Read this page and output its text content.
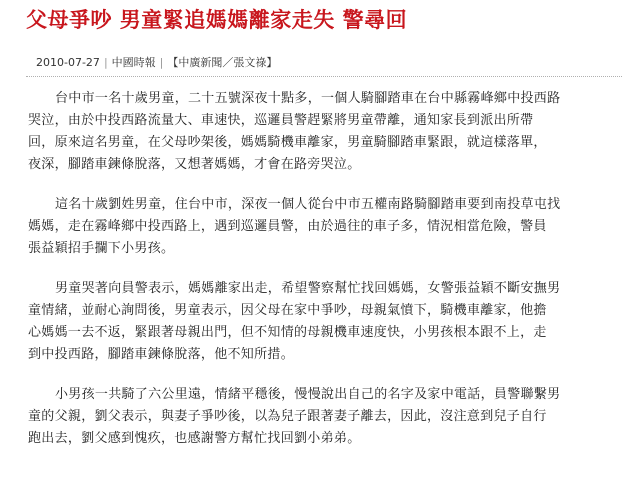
父母爭吵 男童緊追媽媽離家走失 警尋回
2010-07-27 | 中國時報 | 【中廣新聞／張文祿】

台中市一名十歲男童，二十五號深夜十點多，一個人騎腳踏車在台中縣霧峰鄉中投西路
哭泣，由於中投西路流量大、車速快，巡邏員警趕緊將男童帶離，通知家長到派出所帶
回，原來這名男童，在父母吵架後，媽媽騎機車離家，男童騎腳踏車緊跟，就這樣落單，
夜深，腳踏車鍊條脫落，又想著媽媽，才會在路旁哭泣。

這名十歲劉姓男童，住台中市，深夜一個人從台中市五權南路騎腳踏車要到南投草屯找
媽媽，走在霧峰鄉中投西路上，遇到巡邏員警，由於過往的車子多，情況相當危險，警員
張益穎招手攔下小男孩。

男童哭著向員警表示，媽媽離家出走，希望警察幫忙找回媽媽，女警張益穎不斷安撫男
童情緒，並耐心詢問後，男童表示，因父母在家中爭吵，母親氣憤下，騎機車離家，他擔
心媽媽一去不返，緊跟著母親出門，但不知情的母親機車速度快，小男孩根本跟不上，走
到中投西路，腳踏車鍊條脫落，他不知所措。

小男孩一共騎了六公里遠，情緒平穩後，慢慢說出自己的名字及家中電話，員警聯繫男
童的父親，劉父表示，與妻子爭吵後，以為兒子跟著妻子離去，因此，沒注意到兒子自行
跑出去，劉父感到愧疚，也感謝警方幫忙找回劉小弟弟。
